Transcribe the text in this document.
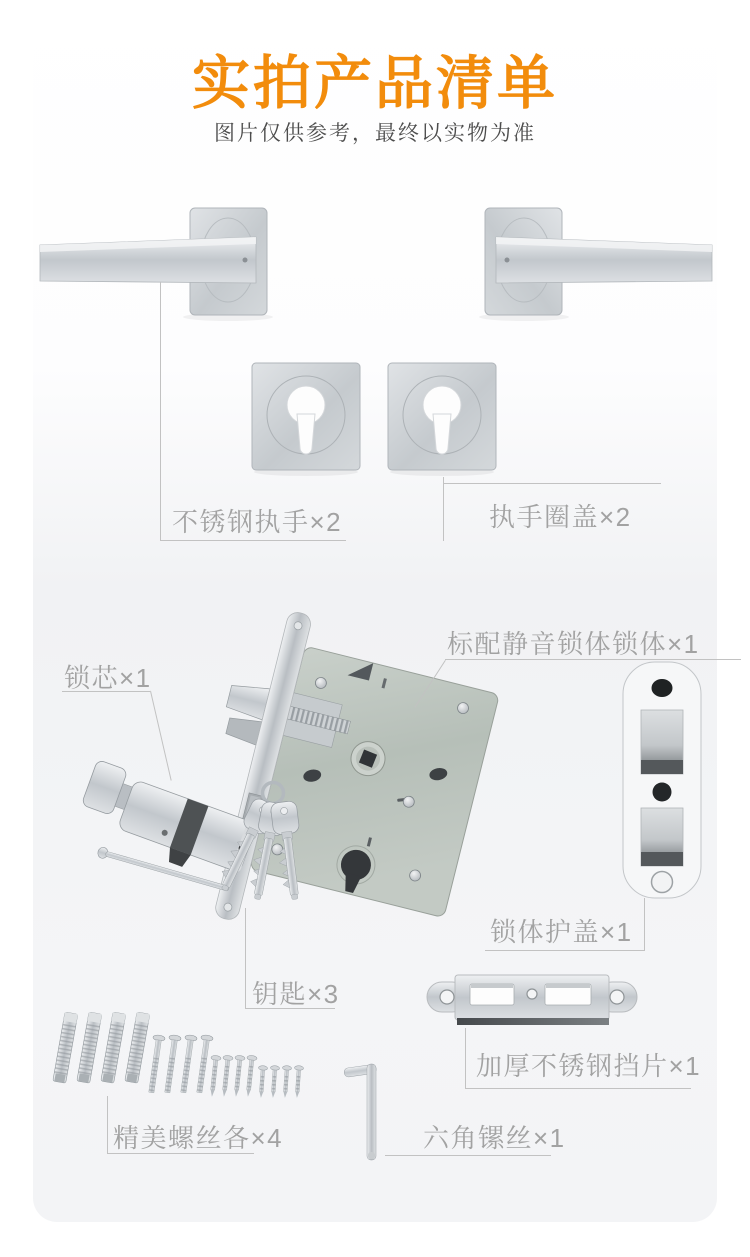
实拍产品清单
图片仅供参考，最终以实物为准
不锈钢执手×2	执手圈盖×2
锁芯×1
标配静音锁体锁体×1
锁体护盖×1
钥匙×3
加厚不锈钢挡片×1
精美螺丝各×4	六角镙丝×1
